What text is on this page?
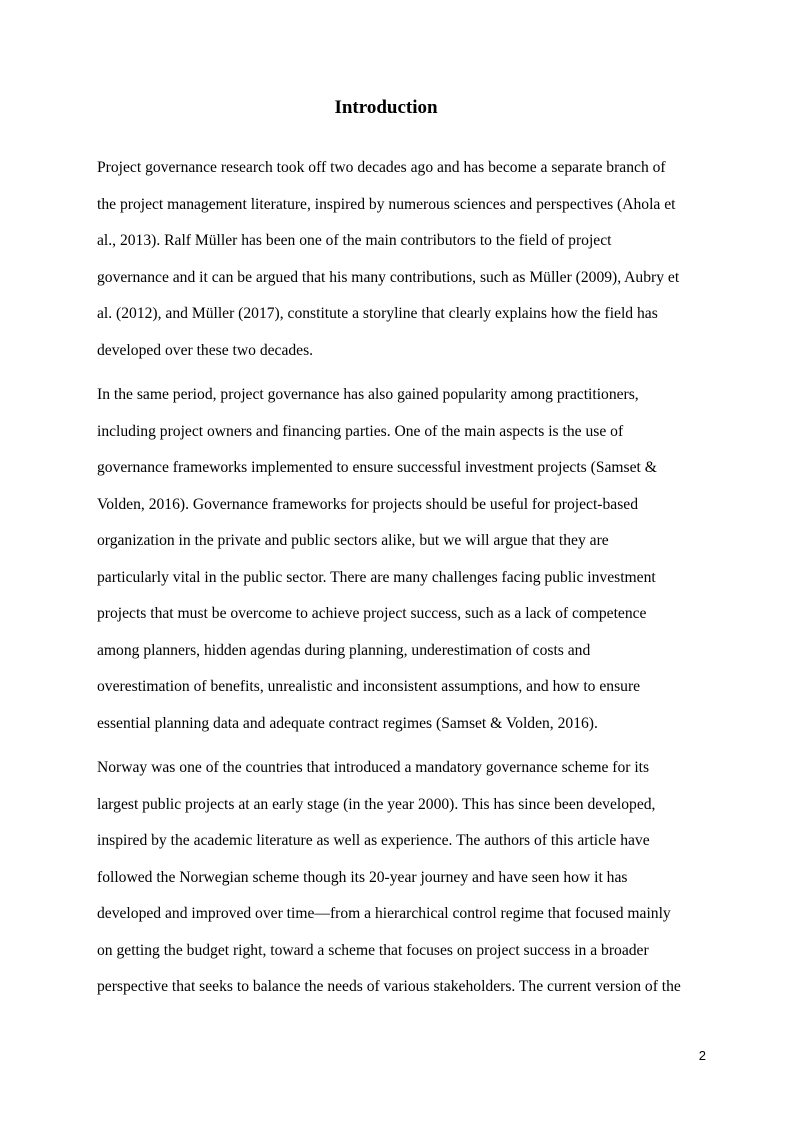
Introduction

Project governance research took off two decades ago and has become a separate branch of
the project management literature, inspired by numerous sciences and perspectives (Ahola et
al., 2013). Ralf Müller has been one of the main contributors to the field of project
governance and it can be argued that his many contributions, such as Müller (2009), Aubry et
al. (2012), and Müller (2017), constitute a storyline that clearly explains how the field has
developed over these two decades.

In the same period, project governance has also gained popularity among practitioners,
including project owners and financing parties. One of the main aspects is the use of
governance frameworks implemented to ensure successful investment projects (Samset &
Volden, 2016). Governance frameworks for projects should be useful for project-based
organization in the private and public sectors alike, but we will argue that they are
particularly vital in the public sector. There are many challenges facing public investment
projects that must be overcome to achieve project success, such as a lack of competence
among planners, hidden agendas during planning, underestimation of costs and
overestimation of benefits, unrealistic and inconsistent assumptions, and how to ensure
essential planning data and adequate contract regimes (Samset & Volden, 2016).

Norway was one of the countries that introduced a mandatory governance scheme for its
largest public projects at an early stage (in the year 2000). This has since been developed,
inspired by the academic literature as well as experience. The authors of this article have
followed the Norwegian scheme though its 20-year journey and have seen how it has
developed and improved over time—from a hierarchical control regime that focused mainly
on getting the budget right, toward a scheme that focuses on project success in a broader
perspective that seeks to balance the needs of various stakeholders. The current version of the

2
